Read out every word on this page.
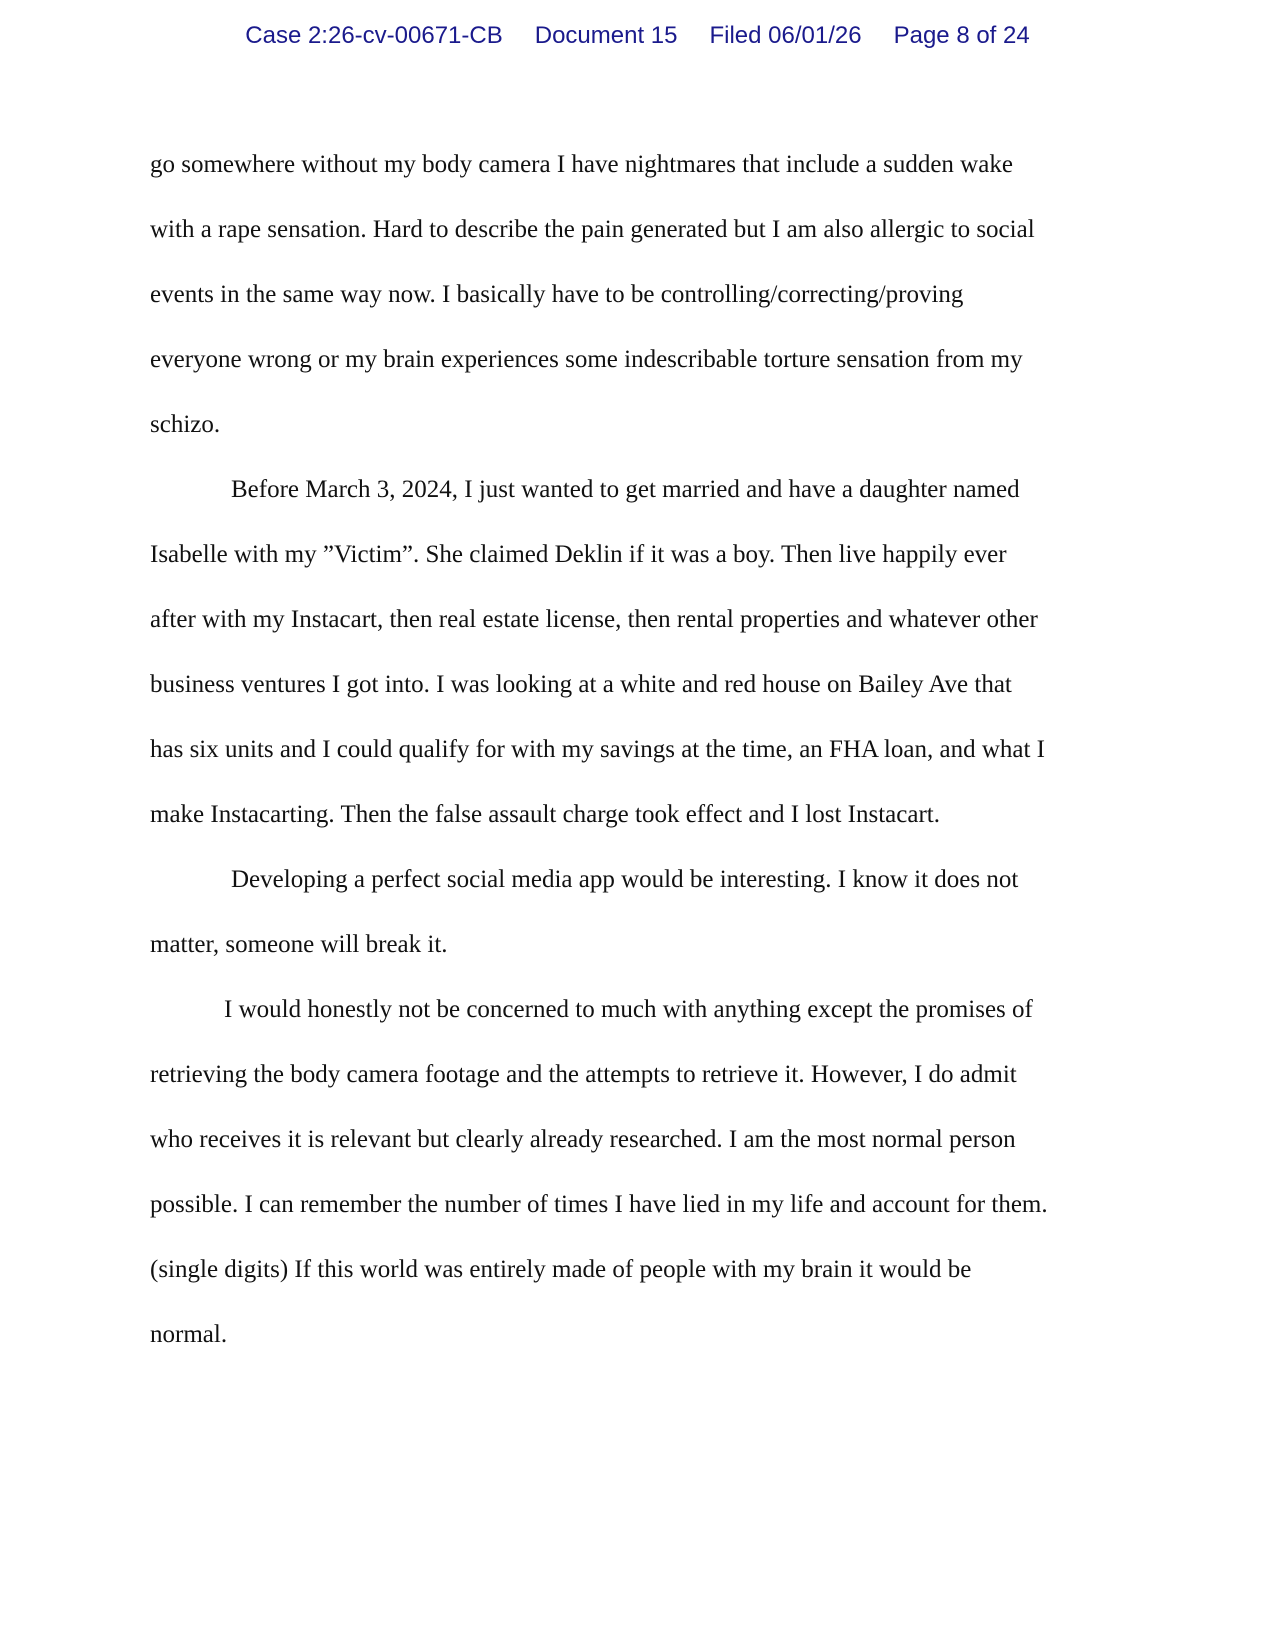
Case 2:26-cv-00671-CB Document 15 Filed 06/01/26 Page 8 of 24
go somewhere without my body camera I have nightmares that include a sudden wake
with a rape sensation. Hard to describe the pain generated but I am also allergic to social
events in the same way now. I basically have to be controlling/correcting/proving
everyone wrong or my brain experiences some indescribable torture sensation from my
schizo.
Before March 3, 2024, I just wanted to get married and have a daughter named
Isabelle with my ”Victim”. She claimed Deklin if it was a boy. Then live happily ever
after with my Instacart, then real estate license, then rental properties and whatever other
business ventures I got into. I was looking at a white and red house on Bailey Ave that
has six units and I could qualify for with my savings at the time, an FHA loan, and what I
make Instacarting. Then the false assault charge took effect and I lost Instacart.
Developing a perfect social media app would be interesting. I know it does not
matter, someone will break it.
I would honestly not be concerned to much with anything except the promises of
retrieving the body camera footage and the attempts to retrieve it. However, I do admit
who receives it is relevant but clearly already researched. I am the most normal person
possible. I can remember the number of times I have lied in my life and account for them.
(single digits) If this world was entirely made of people with my brain it would be
normal.
